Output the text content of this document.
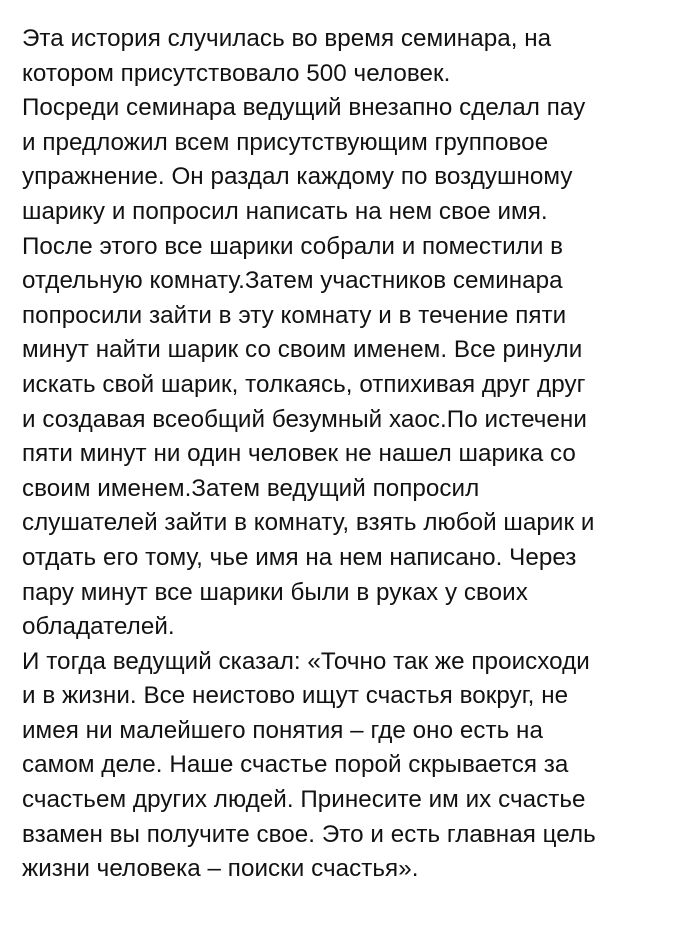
Эта история случилась во время семинара, на
котором присутствовало 500 человек.
Посреди семинара ведущий внезапно сделал пау
и предложил всем присутствующим групповое
упражнение. Он раздал каждому по воздушному
шарику и попросил написать на нем свое имя.
После этого все шарики собрали и поместили в
отдельную комнату.Затем участников семинара
попросили зайти в эту комнату и в течение пяти
минут найти шарик со своим именем. Все ринули
искать свой шарик, толкаясь, отпихивая друг друг
и создавая всеобщий безумный хаос.По истечени
пяти минут ни один человек не нашел шарика со
своим именем.Затем ведущий попросил
слушателей зайти в комнату, взять любой шарик и
отдать его тому, чье имя на нем написано. Через
пару минут все шарики были в руках у своих
обладателей.
И тогда ведущий сказал: «Точно так же происходи
и в жизни. Все неистово ищут счастья вокруг, не
имея ни малейшего понятия – где оно есть на
самом деле. Наше счастье порой скрывается за
счастьем других людей. Принесите им их счастье
взамен вы получите свое. Это и есть главная цель
жизни человека – поиски счастья».
